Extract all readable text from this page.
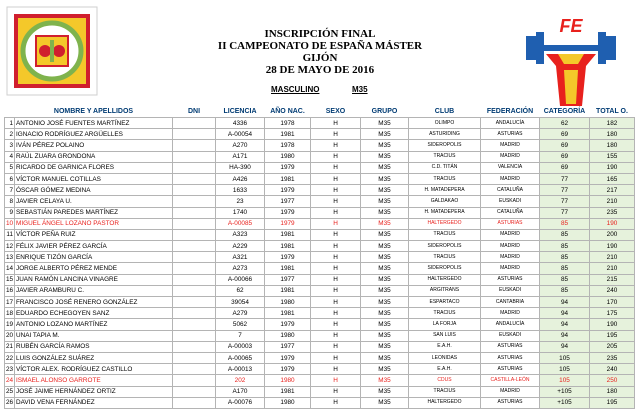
FE
INSCRIPCIÓN FINAL
II CAMPEONATO DE ESPAÑA MÁSTER
GIJÓN
28 DE MAYO DE 2016
MASCULINO	M35
	NOMBRE Y APELLIDOS	DNI	LICENCIA	AÑO NAC.	SEXO	GRUPO	CLUB	FEDERACIÓN	CATEGORÍA	TOTAL O.
1	ANTONIO JOSÉ FUENTES MARTÍNEZ		4336	1978	H	M35	OLIMPO	ANDALUCÍA	62	182
2	IGNACIO RODRÍGUEZ ARGÜELLES		A-00054	1981	H	M35	ASTURIDING	ASTURIAS	69	180
3	IVÁN PÉREZ POLAINO		A270	1978	H	M35	SIDEROPOLIS	MADRID	69	180
4	RAÚL ZUARA GRONDONA		A171	1980	H	M35	TRACIUS	MADRID	69	155
5	RICARDO DE GARNICA FLORES		HA-390	1979	H	M35	C.D. TITÁN	VALENCIA	69	190
6	VÍCTOR MANUEL COTILLAS		A426	1981	H	M35	TRACIUS	MADRID	77	165
7	ÓSCAR GÓMEZ MEDINA		1633	1979	H	M35	H. MATADEPERA	CATALUÑA	77	217
8	JAVIER CELAYA U.		23	1977	H	M35	GALDAKAO	EUSKADI	77	210
9	SEBASTIÁN PAREDES MARTÍNEZ		1740	1979	H	M35	H. MATADEPERA	CATALUÑA	77	235
10	MIGUEL ÁNGEL LOZANO PASTOR		A-00085	1979	H	M35	HALTERGEDO	ASTURIAS	85	190
11	VÍCTOR PEÑA RUIZ		A323	1981	H	M35	TRACIUS	MADRID	85	200
12	FÉLIX JAVIER PÉREZ GARCÍA		A229	1981	H	M35	SIDEROPOLIS	MADRID	85	190
13	ENRIQUE TIZÓN GARCÍA		A321	1979	H	M35	TRACIUS	MADRID	85	210
14	JORGE ALBERTO PÉREZ MENDE		A273	1981	H	M35	SIDEROPOLIS	MADRID	85	210
15	JUAN RAMÓN LANCINA VINAGRE		A-00066	1977	H	M35	HALTERGEDO	ASTURIAS	85	215
16	JAVIER ARAMBURU C.		62	1981	H	M35	ARGITRANS	EUSKADI	85	240
17	FRANCISCO JOSÉ RENERO GONZÁLEZ		39054	1980	H	M35	ESPARTACO	CANTABRIA	94	170
18	EDUARDO ECHEGOYEN SANZ		A279	1981	H	M35	TRACIUS	MADRID	94	175
19	ANTONIO LOZANO MARTÍNEZ		5062	1979	H	M35	LA FORJA	ANDALUCÍA	94	190
20	UNAI TAPIA M.		7	1980	H	M35	SAN LUIS	EUSKADI	94	195
21	RUBÉN GARCÍA RAMOS		A-00003	1977	H	M35	E.A.H.	ASTURIAS	94	205
22	LUIS GONZÁLEZ SUÁREZ		A-00065	1979	H	M35	LEONIDAS	ASTURIAS	105	235
23	VÍCTOR ALEX. RODRÍGUEZ CASTILLO		A-00013	1979	H	M35	E.A.H.	ASTURIAS	105	240
24	ISMAEL ALONSO GARROTE		202	1980	H	M35	CDUS	CASTILLA-LEÓN	105	250
25	JOSÉ JAIME HERNÁNDEZ ORTIZ		A170	1981	H	M35	TRACIUS	MADRID	+105	180
26	DAVID VENA FERNÁNDEZ		A-00076	1980	H	M35	HALTERGEDO	ASTURIAS	+105	195
